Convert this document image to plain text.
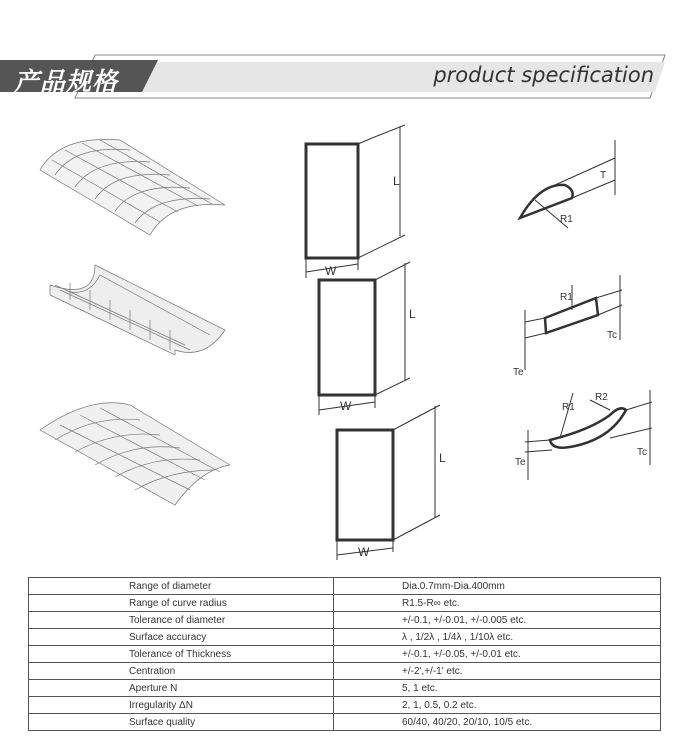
产品规格	product specification
L
W
L
W
L
W
T
R1
R1
Tc
Te
R1
R2
Tc
Te
Range of diameter	Dia.0.7mm-Dia.400mm
Range of curve radius	R1.5-R∞ etc.
Tolerance of diameter	+/-0.1, +/-0.01, +/-0.005 etc.
Surface accuracy	λ , 1/2λ , 1/4λ , 1/10λ etc.
Tolerance of Thickness	+/-0.1, +/-0.05, +/-0.01 etc.
Centration	+/-2',+/-1' etc.
Aperture N	5, 1 etc.
Irregularity ΔN	2, 1, 0.5, 0.2 etc.
Surface quality	60/40, 40/20, 20/10, 10/5 etc.
